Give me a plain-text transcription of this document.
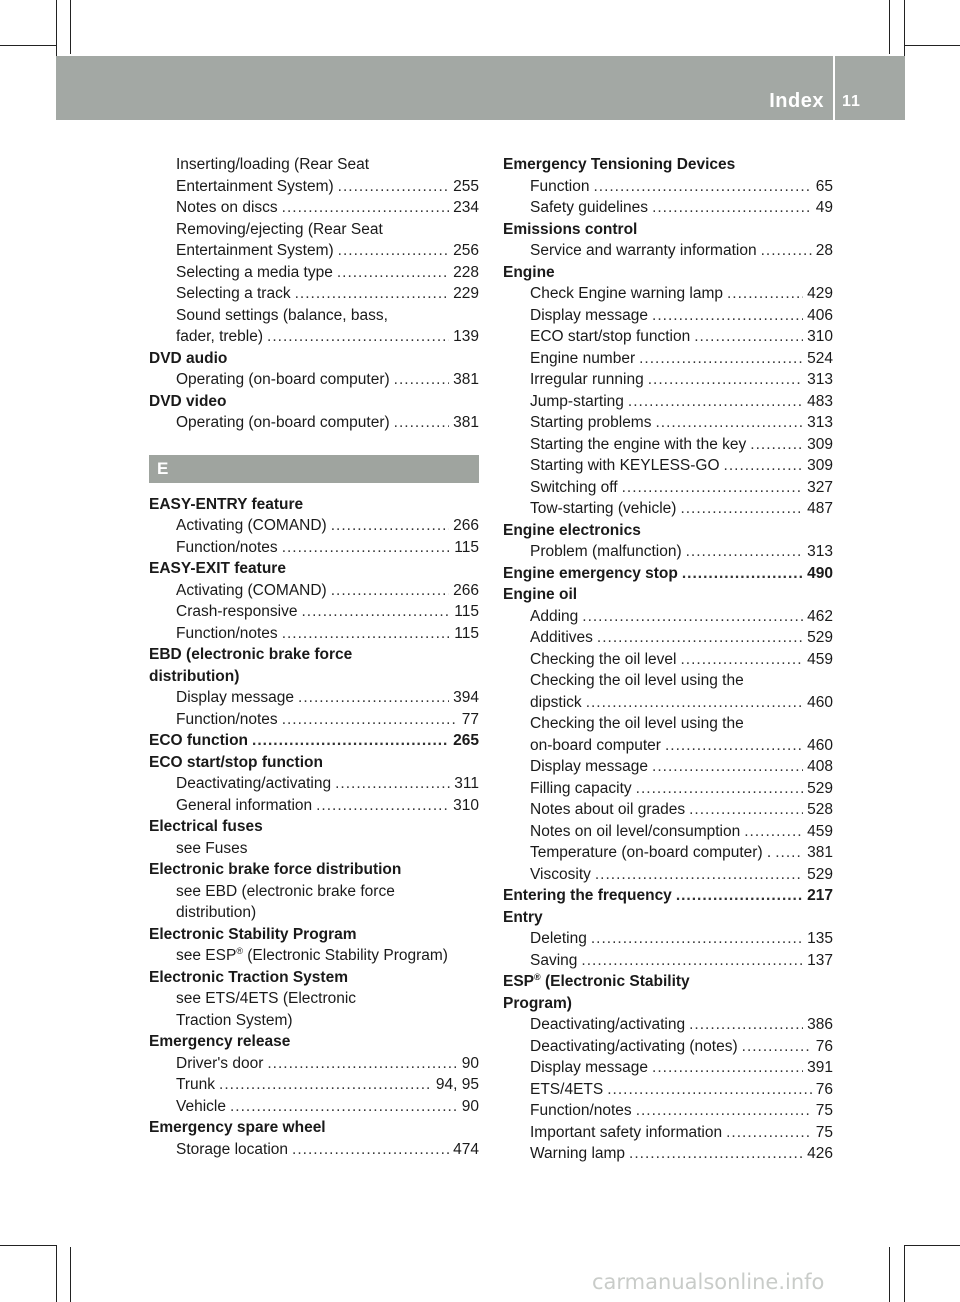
Index 11
Inserting/loading (Rear Seat
Entertainment System) .....	255
Notes on discs .....	234
Removing/ejecting (Rear Seat
Entertainment System) .....	256
Selecting a media type .....	228
Selecting a track .....	229
Sound settings (balance, bass,
fader, treble) .....	139
DVD audio
Operating (on-board computer) .....	381
DVD video
Operating (on-board computer) .....	381
E
EASY-ENTRY feature
Activating (COMAND) .....	266
Function/notes .....	115
EASY-EXIT feature
Activating (COMAND) .....	266
Crash-responsive .....	115
Function/notes .....	115
EBD (electronic brake force
distribution)
Display message .....	394
Function/notes .....	77
ECO function .....	265
ECO start/stop function
Deactivating/activating .....	311
General information .....	310
Electrical fuses
see Fuses
Electronic brake force distribution
see EBD (electronic brake force
distribution)
Electronic Stability Program
see ESP® (Electronic Stability Program)
Electronic Traction System
see ETS/4ETS (Electronic
Traction System)
Emergency release
Driver's door .....	90
Trunk .....	94, 95
Vehicle .....	90
Emergency spare wheel
Storage location .....	474
Emergency Tensioning Devices
Function .....	65
Safety guidelines .....	49
Emissions control
Service and warranty information .....	28
Engine
Check Engine warning lamp .....	429
Display message .....	406
ECO start/stop function .....	310
Engine number .....	524
Irregular running .....	313
Jump-starting .....	483
Starting problems .....	313
Starting the engine with the key .....	309
Starting with KEYLESS-GO .....	309
Switching off .....	327
Tow-starting (vehicle) .....	487
Engine electronics
Problem (malfunction) .....	313
Engine emergency stop .....	490
Engine oil
Adding .....	462
Additives .....	529
Checking the oil level .....	459
Checking the oil level using the
dipstick .....	460
Checking the oil level using the
on-board computer .....	460
Display message .....	408
Filling capacity .....	529
Notes about oil grades .....	528
Notes on oil level/consumption .....	459
Temperature (on-board computer) . ..... 381
Viscosity .....	529
Entering the frequency .....	217
Entry
Deleting .....	135
Saving .....	137
ESP® (Electronic Stability
Program)
Deactivating/activating .....	386
Deactivating/activating (notes) .....	76
Display message .....	391
ETS/4ETS .....	76
Function/notes .....	75
Important safety information .....	75
Warning lamp .....	426
carmanualsonline.info
